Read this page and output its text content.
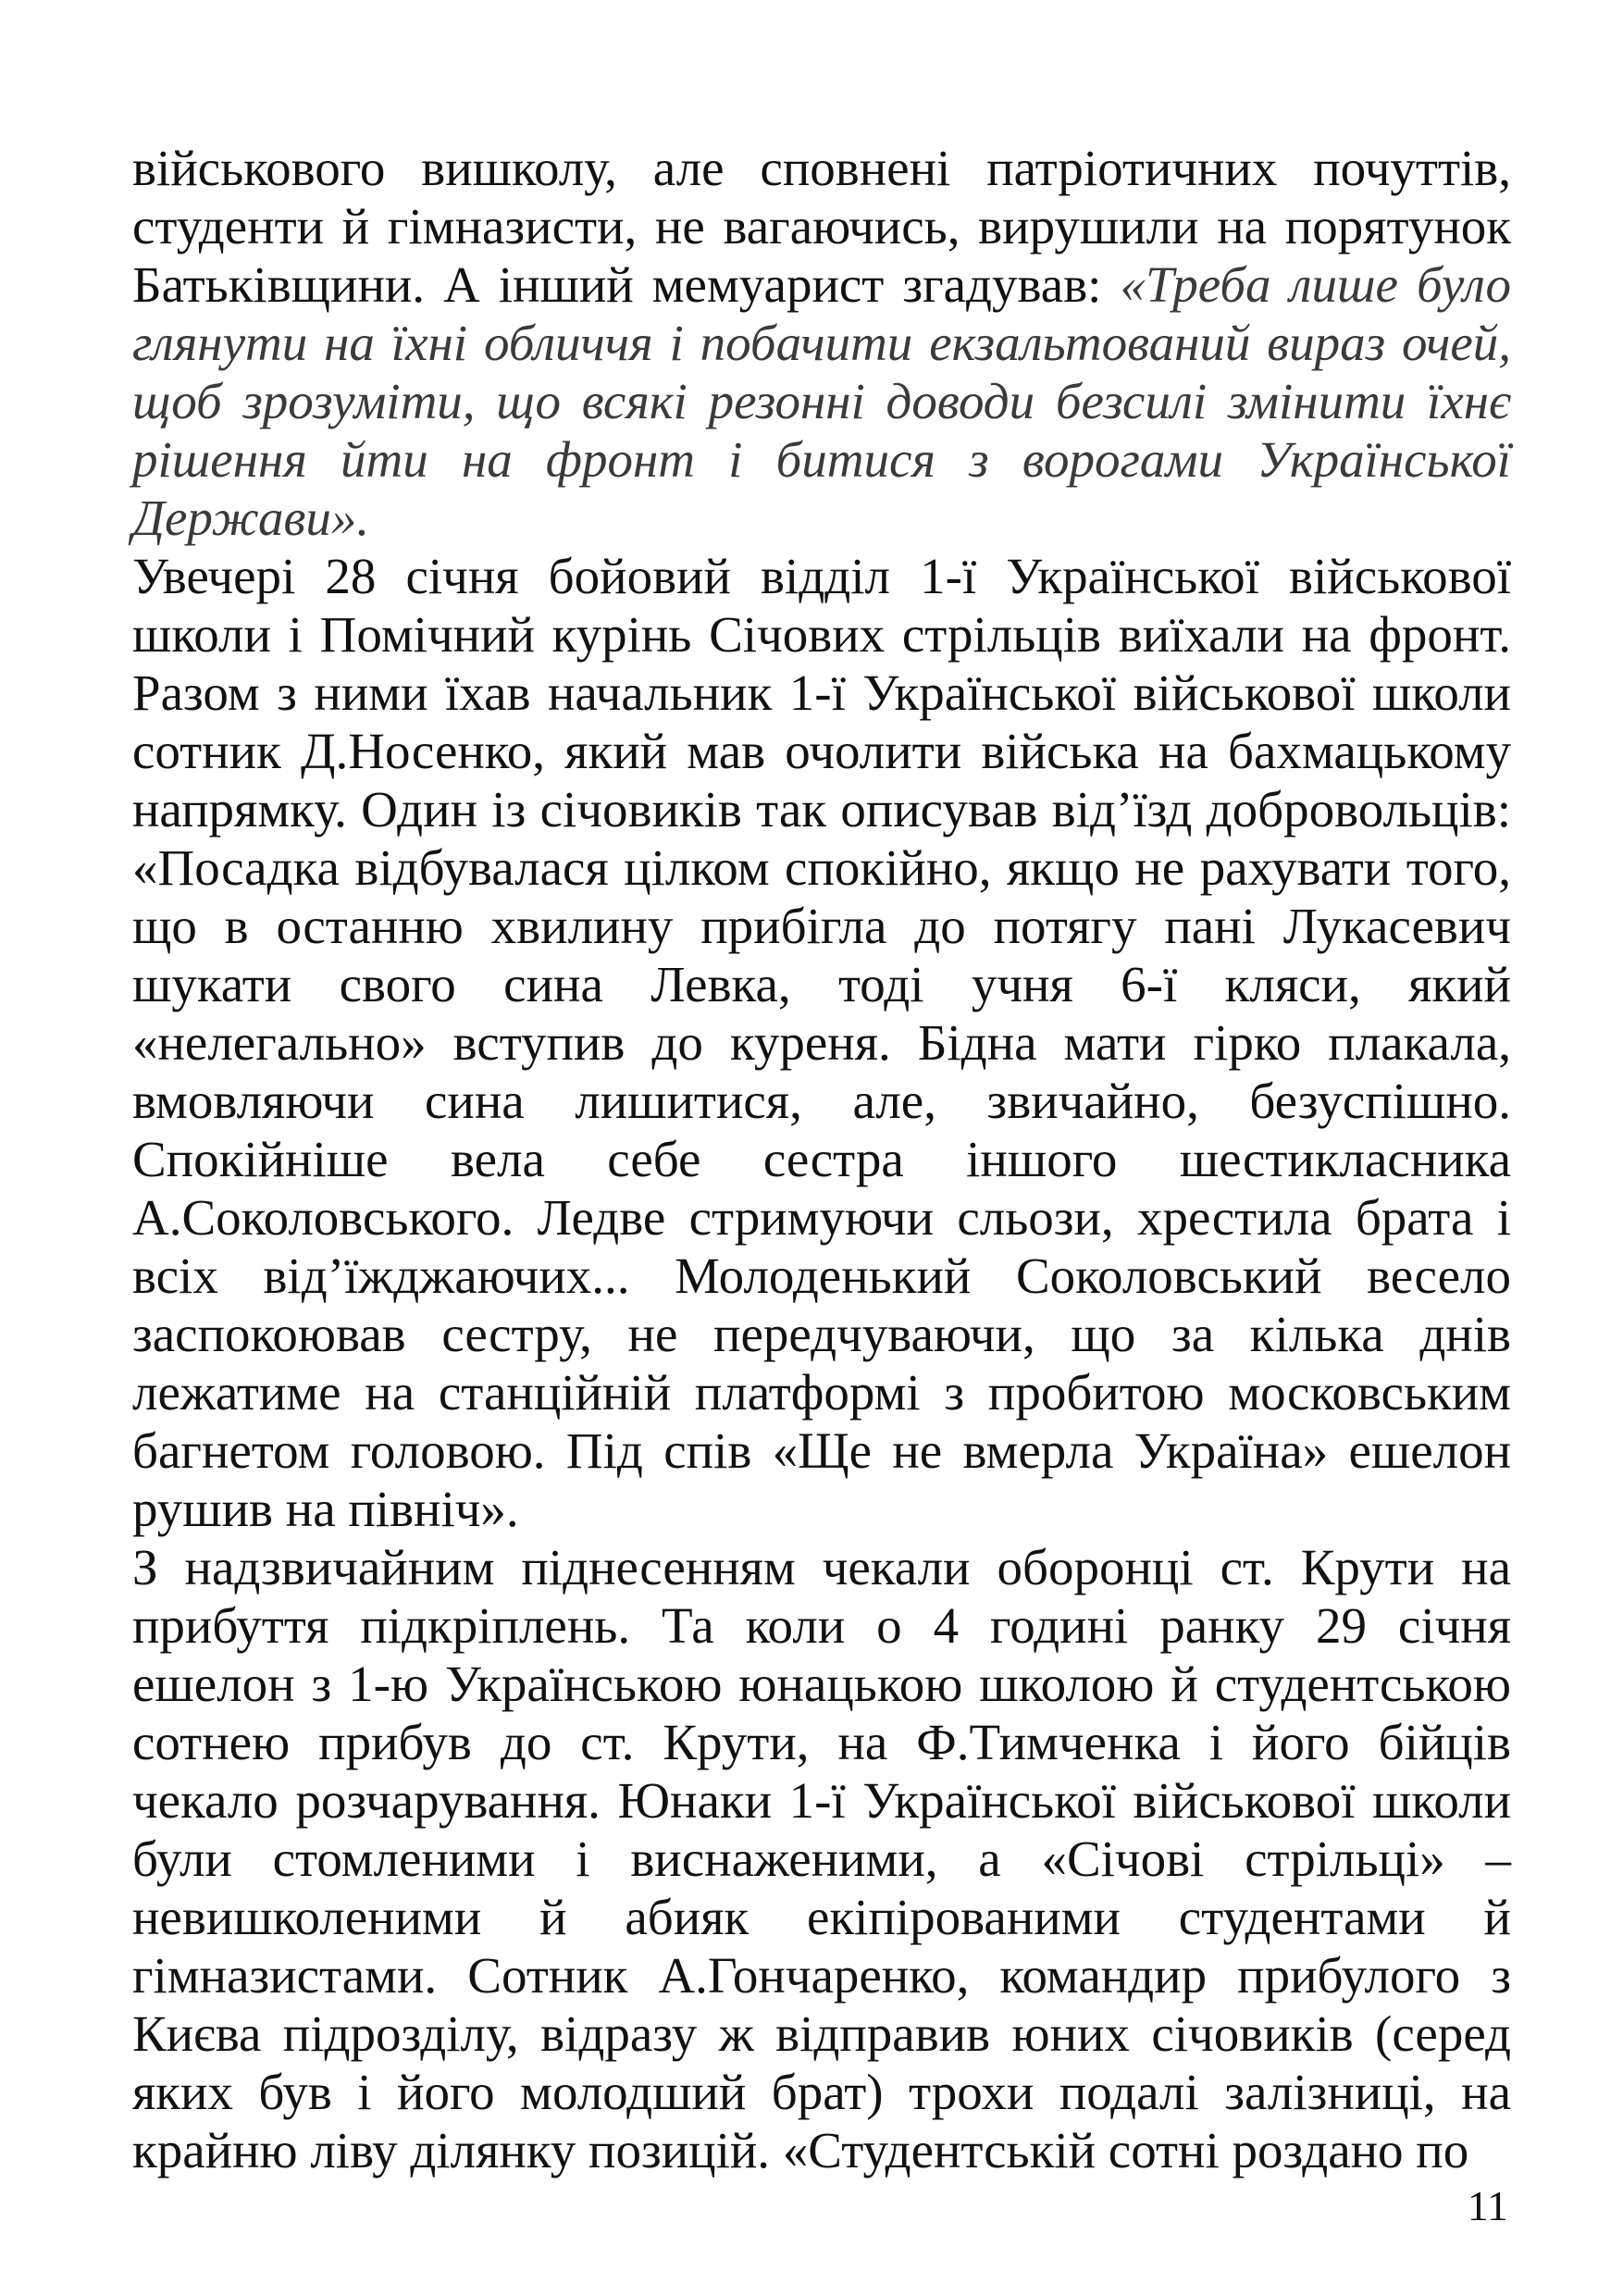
військового вишколу, але сповнені патріотичних почуттів, студенти й гімназисти, не вагаючись, вирушили на порятунок Батьківщини. А інший мемуарист згадував: «Треба лише було глянути на їхні обличчя і побачити екзальтований вираз очей, щоб зрозуміти, що всякі резонні доводи безсилі змінити їхнє рішення йти на фронт і битися з ворогами Української Держави».

Увечері 28 січня бойовий відділ 1-ї Української військової школи і Помічний курінь Січових стрільців виїхали на фронт. Разом з ними їхав начальник 1-ї Української військової школи сотник Д.Носенко, який мав очолити війська на бахмацькому напрямку. Один із січовиків так описував від’їзд добровольців: «Посадка відбувалася цілком спокійно, якщо не рахувати того, що в останню хвилину прибігла до потягу пані Лукасевич шукати свого сина Левка, тоді учня 6-ї кляси, який «нелегально» вступив до куреня. Бідна мати гірко плакала, вмовляючи сина лишитися, але, звичайно, безуспішно. Спокійніше вела себе сестра іншого шестикласника А.Соколовського. Ледве стримуючи сльози, хрестила брата і всіх від’їжджаючих... Молоденький Соколовський весело заспокоював сестру, не передчуваючи, що за кілька днів лежатиме на станційній платформі з пробитою московським багнетом головою. Під спів «Ще не вмерла Україна» ешелон рушив на північ».

З надзвичайним піднесенням чекали оборонці ст. Крути на прибуття підкріплень. Та коли о 4 годині ранку 29 січня ешелон з 1-ю Українською юнацькою школою й студентською сотнею прибув до ст. Крути, на Ф.Тимченка і його бійців чекало розчарування. Юнаки 1-ї Української військової школи були стомленими і виснаженими, а «Січові стрільці» – невишколеними й абияк екіпірованими студентами й гімназистами. Сотник А.Гончаренко, командир прибулого з Києва підрозділу, відразу ж відправив юних січовиків (серед яких був і його молодший брат) трохи подалі залізниці, на крайню ліву ділянку позицій. «Студентській сотні роздано по

11
